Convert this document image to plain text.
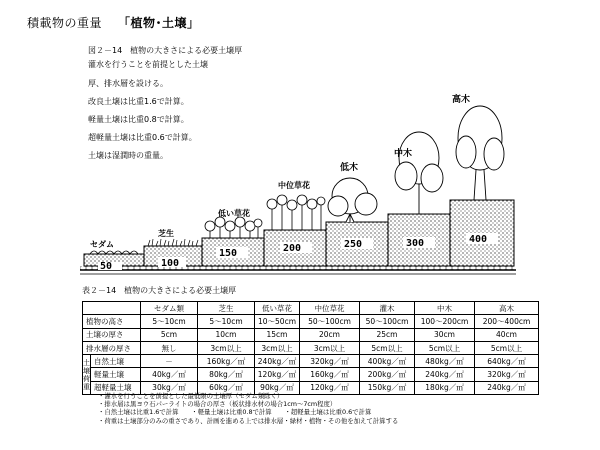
積載物の重量 「植物･土壌」
図２－14　植物の大きさによる必要土壌厚
灌水を行うことを前提とした土壌
厚、排水層を設ける。
改良土壌は比重1.6で計算。
軽量土壌は比重0.8で計算。
超軽量土壌は比重0.6で計算。
土壌は湿潤時の重量。
50	100
150	200	250	300	400
セダム
芝生
低い草花
中位草花
低木
中木
高木
表２－14　植物の大きさによる必要土壌厚
		セダム類	芝生	低い草花	中位草花	灌木	中木	高木
植物の高さ		5～10cm	5～10cm	10～50cm	50～100cm	50～100cm	100～200cm	200～400cm
土壌の厚さ		5cm	10cm	15cm	20cm	25cm	30cm	40cm
排水層の厚さ		無し	3cm以上	3cm以上	3cm以上	5cm以上	5cm以上	5cm以上
土壌荷重	自然土壌	－	160kg／㎡	240kg／㎡	320kg／㎡	400kg／㎡	480kg／㎡	640kg／㎡
	軽量土壌	40kg／㎡	80kg／㎡	120kg／㎡	160kg／㎡	200kg／㎡	240kg／㎡	320kg／㎡
	超軽量土壌	30kg／㎡	60kg／㎡	90kg／㎡	120kg／㎡	150kg／㎡	180kg／㎡	240kg／㎡
・灌水を行うことを前提とした最低限の土壌厚（セダム類除く）
・排水層は黒ヨウ石パーライトの場合の厚さ（板状排水材の場合1cm～7cm程度）
・自然土壌は比重1.6で計算　　・軽量土壌は比重0.8で計算　　・超軽量土壌は比重0.6で計算
・荷重は土壌部分のみの重さであり、計画を進める上では排水層・緑材・植物・その他を加えて計算する
